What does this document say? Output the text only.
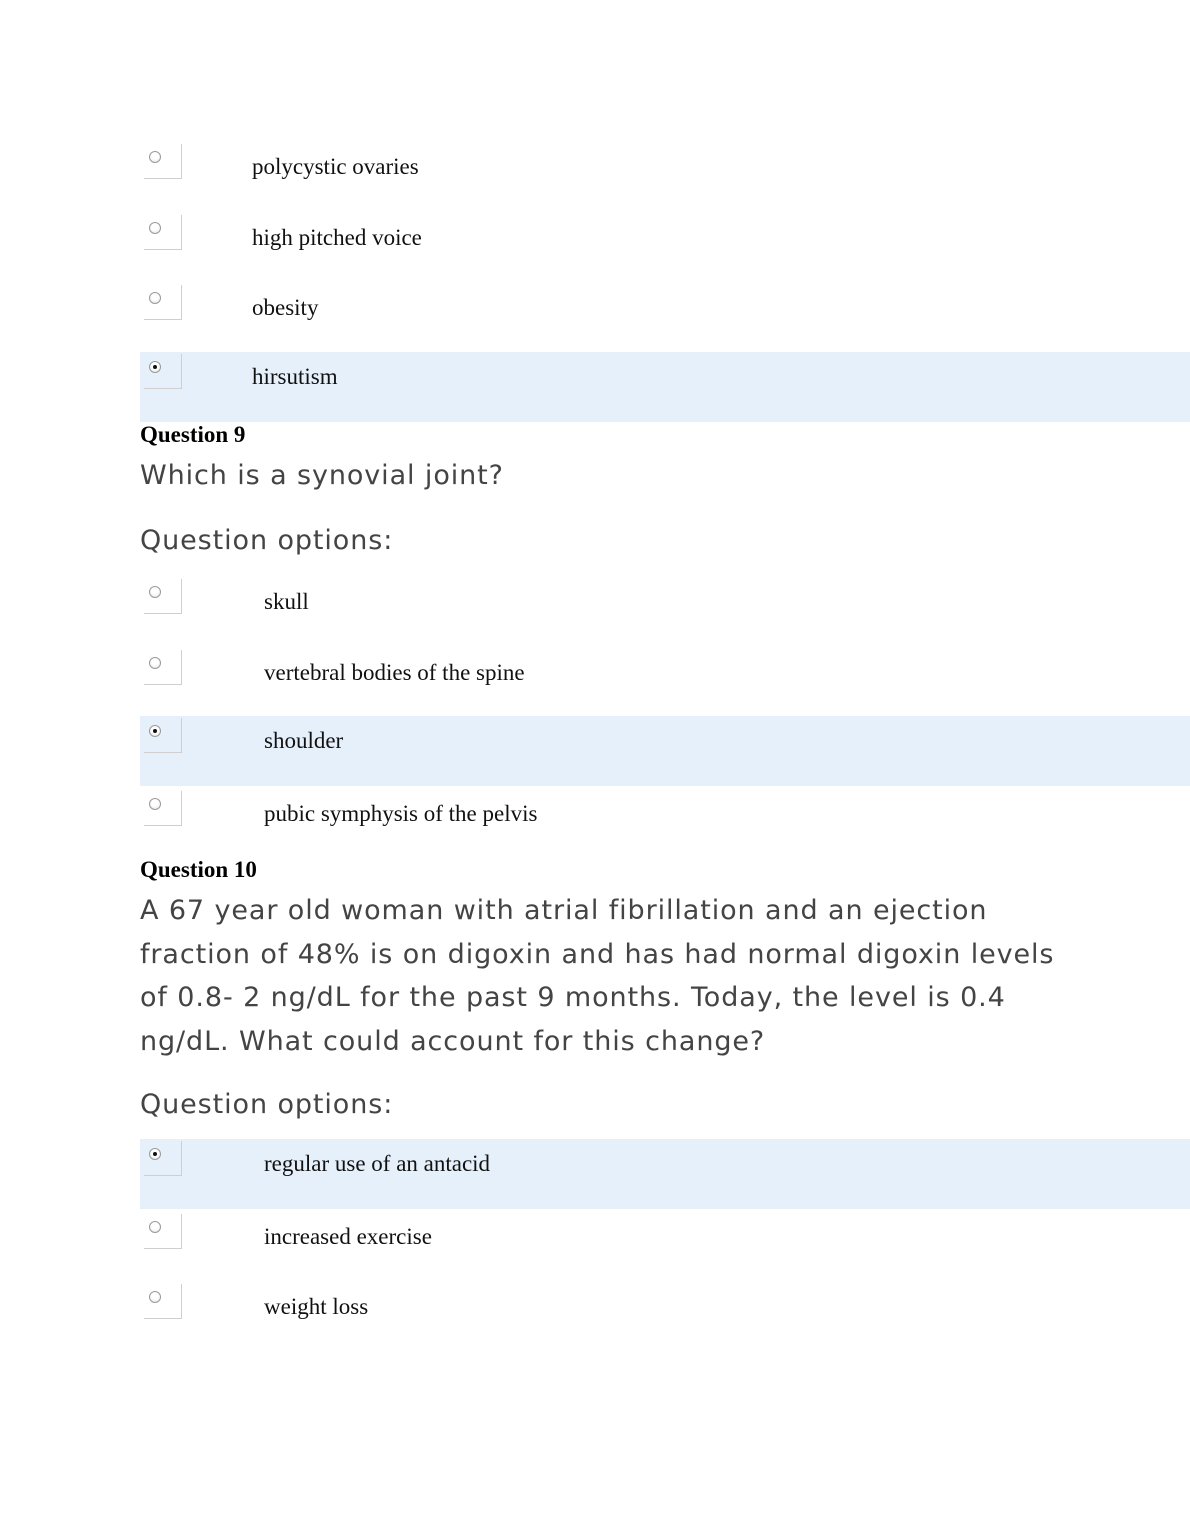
polycystic ovaries
high pitched voice
obesity
hirsutism
Question 9
Which is a synovial joint?
Question options:
skull
vertebral bodies of the spine
shoulder
pubic symphysis of the pelvis
Question 10
A 67 year old woman with atrial fibrillation and an ejection fraction of 48% is on digoxin and has had normal digoxin levels of 0.8- 2 ng/dL for the past 9 months. Today, the level is 0.4 ng/dL. What could account for this change?
Question options:
regular use of an antacid
increased exercise
weight loss
